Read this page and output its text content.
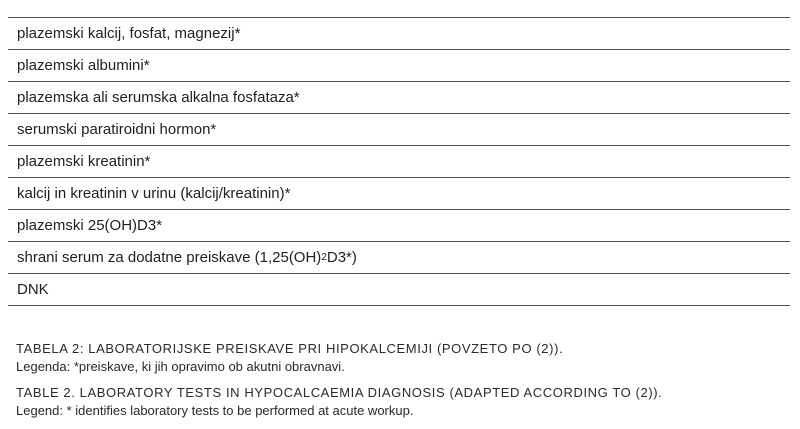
plazemski kalcij, fosfat, magnezij*
plazemski albumini*
plazemska ali serumska alkalna fosfataza*
serumski paratiroidni hormon*
plazemski kreatinin*
kalcij in kreatinin v urinu (kalcij/kreatinin)*
plazemski 25(OH)D3*
shrani serum za dodatne preiskave (1,25(OH) 2 D3*)
DNK
TABELA 2: LABORATORIJSKE PREISKAVE PRI HIPOKALCEMIJI (POVZETO PO (2)).
Legenda: *preiskave, ki jih opravimo ob akutni obravnavi.
TABLE 2. LABORATORY TESTS IN HYPOCALCAEMIA DIAGNOSIS (ADAPTED ACCORDING TO (2)).
Legend: * identifies laboratory tests to be performed at acute workup.
